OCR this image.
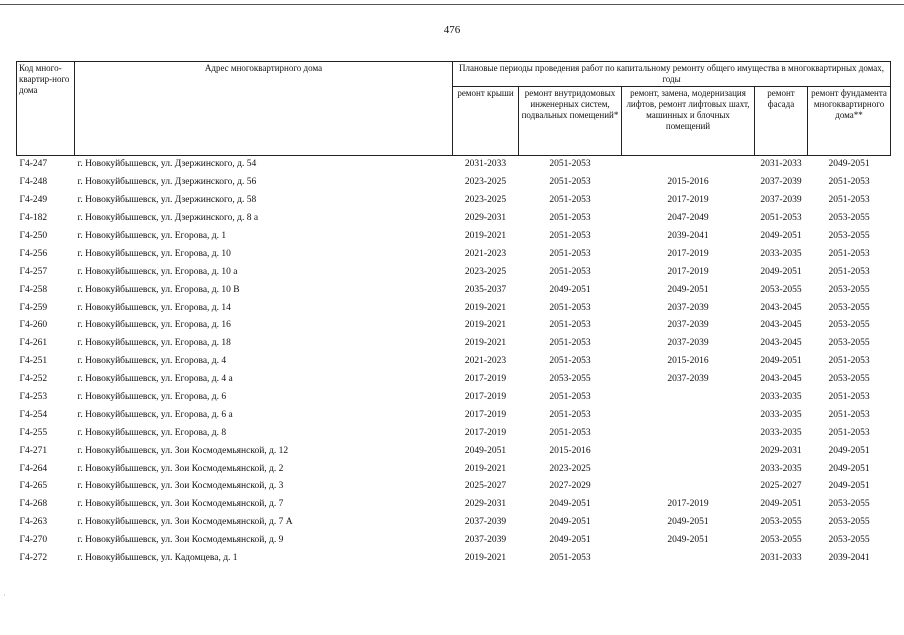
476
Код много-квартир-ного дома	Адрес многоквартирного дома	Плановые периоды проведения работ по капитальному ремонту общего имущества в многоквартирных домах, годы				
		ремонт крыши	ремонт внутридомовых инженерных систем, подвальных помещений*	ремонт, замена, модернизация лифтов, ремонт лифтовых шахт, машинных и блочных помещений	ремонт фасада	ремонт фундамента многоквартирного дома**
Г4-247	г. Новокуйбышевск, ул. Дзержинского, д. 54	2031-2033	2051-2053		2031-2033	2049-2051
Г4-248	г. Новокуйбышевск, ул. Дзержинского, д. 56	2023-2025	2051-2053	2015-2016	2037-2039	2051-2053
Г4-249	г. Новокуйбышевск, ул. Дзержинского, д. 58	2023-2025	2051-2053	2017-2019	2037-2039	2051-2053
Г4-182	г. Новокуйбышевск, ул. Дзержинского, д. 8 а	2029-2031	2051-2053	2047-2049	2051-2053	2053-2055
Г4-250	г. Новокуйбышевск, ул. Егорова, д. 1	2019-2021	2051-2053	2039-2041	2049-2051	2053-2055
Г4-256	г. Новокуйбышевск, ул. Егорова, д. 10	2021-2023	2051-2053	2017-2019	2033-2035	2051-2053
Г4-257	г. Новокуйбышевск, ул. Егорова, д. 10 а	2023-2025	2051-2053	2017-2019	2049-2051	2051-2053
Г4-258	г. Новокуйбышевск, ул. Егорова, д. 10 В	2035-2037	2049-2051	2049-2051	2053-2055	2053-2055
Г4-259	г. Новокуйбышевск, ул. Егорова, д. 14	2019-2021	2051-2053	2037-2039	2043-2045	2053-2055
Г4-260	г. Новокуйбышевск, ул. Егорова, д. 16	2019-2021	2051-2053	2037-2039	2043-2045	2053-2055
Г4-261	г. Новокуйбышевск, ул. Егорова, д. 18	2019-2021	2051-2053	2037-2039	2043-2045	2053-2055
Г4-251	г. Новокуйбышевск, ул. Егорова, д. 4	2021-2023	2051-2053	2015-2016	2049-2051	2051-2053
Г4-252	г. Новокуйбышевск, ул. Егорова, д. 4 а	2017-2019	2053-2055	2037-2039	2043-2045	2053-2055
Г4-253	г. Новокуйбышевск, ул. Егорова, д. 6	2017-2019	2051-2053		2033-2035	2051-2053
Г4-254	г. Новокуйбышевск, ул. Егорова, д. 6 а	2017-2019	2051-2053		2033-2035	2051-2053
Г4-255	г. Новокуйбышевск, ул. Егорова, д. 8	2017-2019	2051-2053		2033-2035	2051-2053
Г4-271	г. Новокуйбышевск, ул. Зои Космодемьянской, д. 12	2049-2051	2015-2016		2029-2031	2049-2051
Г4-264	г. Новокуйбышевск, ул. Зои Космодемьянской, д. 2	2019-2021	2023-2025		2033-2035	2049-2051
Г4-265	г. Новокуйбышевск, ул. Зои Космодемьянской, д. 3	2025-2027	2027-2029		2025-2027	2049-2051
Г4-268	г. Новокуйбышевск, ул. Зои Космодемьянской, д. 7	2029-2031	2049-2051	2017-2019	2049-2051	2053-2055
Г4-263	г. Новокуйбышевск, ул. Зои Космодемьянской, д. 7 А	2037-2039	2049-2051	2049-2051	2053-2055	2053-2055
Г4-270	г. Новокуйбышевск, ул. Зои Космодемьянской, д. 9	2037-2039	2049-2051	2049-2051	2053-2055	2053-2055
Г4-272	г. Новокуйбышевск, ул. Кадомцева, д. 1	2019-2021	2051-2053		2031-2033	2039-2041
·
